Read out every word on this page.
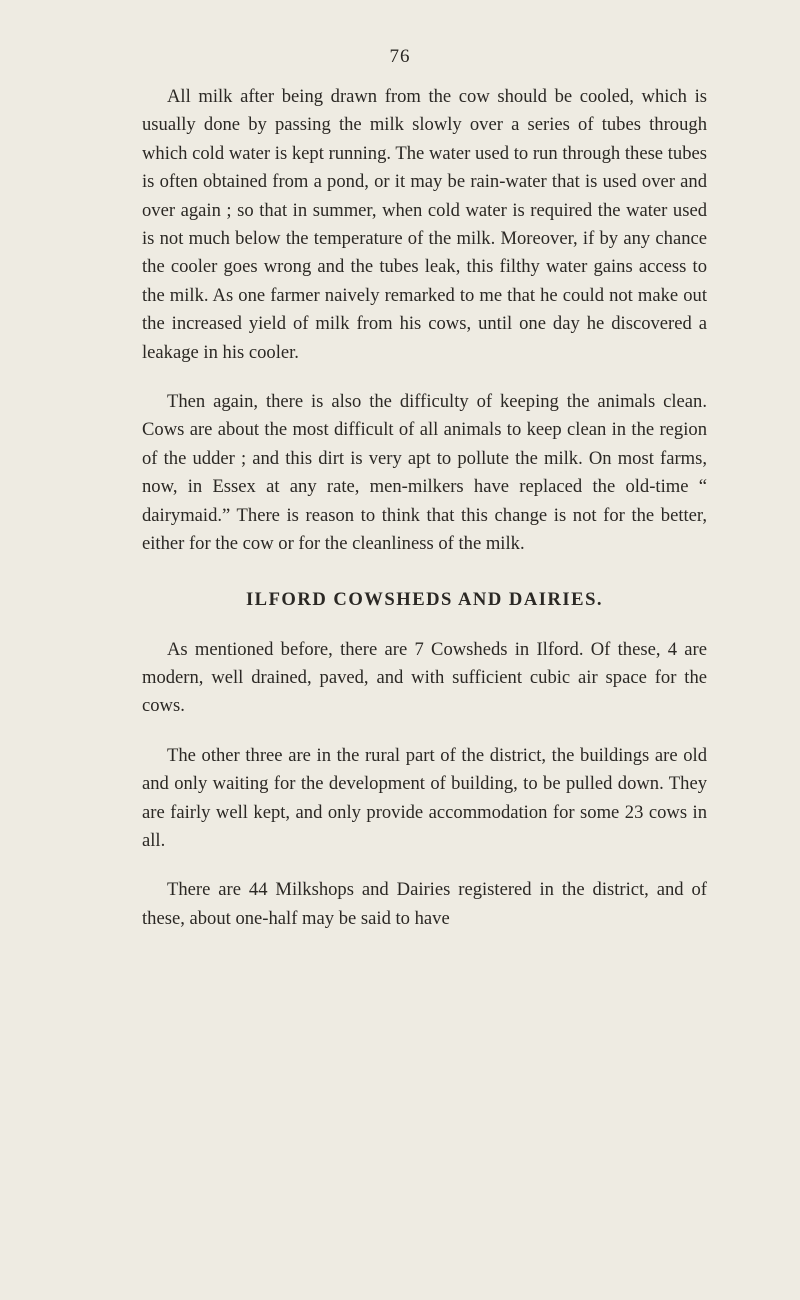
76

All milk after being drawn from the cow should be cooled, which is usually done by passing the milk slowly over a series of tubes through which cold water is kept running. The water used to run through these tubes is often obtained from a pond, or it may be rain-water that is used over and over again ; so that in summer, when cold water is required the water used is not much below the temperature of the milk. Moreover, if by any chance the cooler goes wrong and the tubes leak, this filthy water gains access to the milk. As one farmer naively remarked to me that he could not make out the increased yield of milk from his cows, until one day he discovered a leakage in his cooler.

Then again, there is also the difficulty of keeping the animals clean. Cows are about the most difficult of all animals to keep clean in the region of the udder ; and this dirt is very apt to pollute the milk. On most farms, now, in Essex at any rate, men-milkers have replaced the old-time “ dairymaid.” There is reason to think that this change is not for the better, either for the cow or for the cleanliness of the milk.

ILFORD COWSHEDS AND DAIRIES.

As mentioned before, there are 7 Cowsheds in Ilford. Of these, 4 are modern, well drained, paved, and with sufficient cubic air space for the cows.

The other three are in the rural part of the district, the buildings are old and only waiting for the development of building, to be pulled down. They are fairly well kept, and only provide accommodation for some 23 cows in all.

There are 44 Milkshops and Dairies registered in the district, and of these, about one-half may be said to have
